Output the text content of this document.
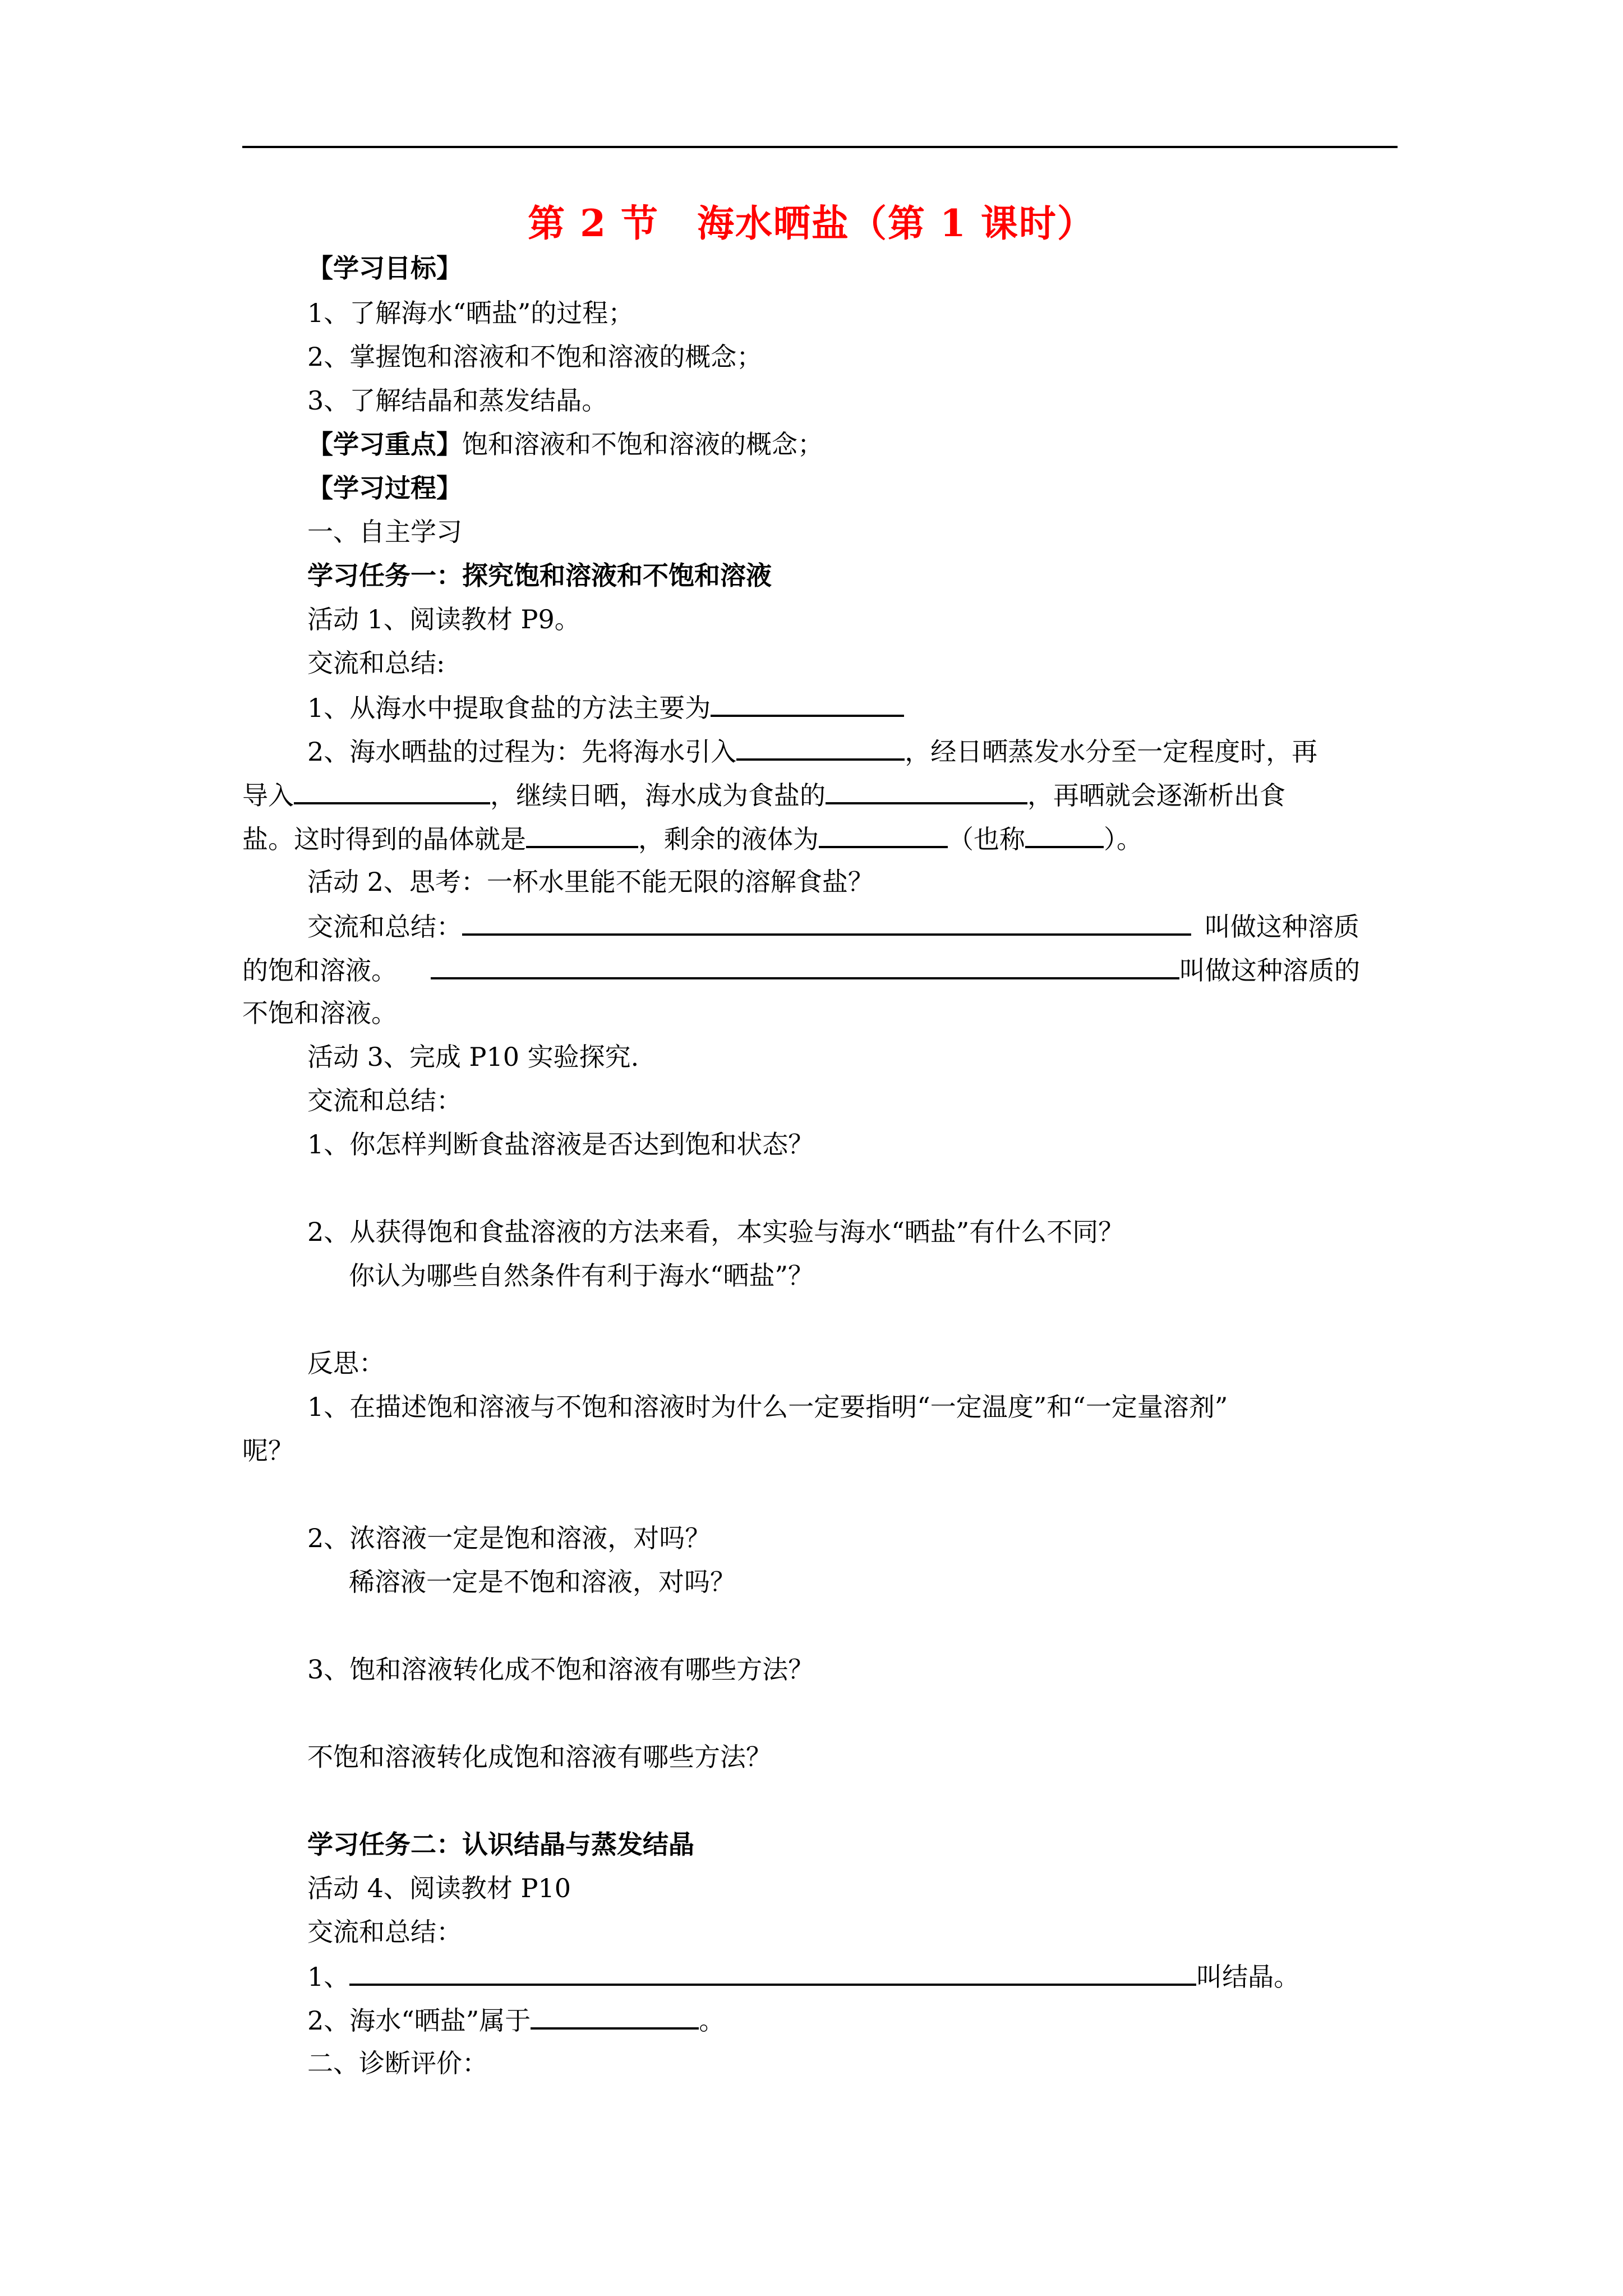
第 2 节　海水晒盐（第 1 课时）
【学习目标】
1、了解海水“晒盐”的过程；
2、掌握饱和溶液和不饱和溶液的概念；
3、了解结晶和蒸发结晶。
【学习重点】饱和溶液和不饱和溶液的概念；
【学习过程】
一、自主学习
学习任务一：探究饱和溶液和不饱和溶液
活动 1、阅读教材 P9。
交流和总结:
1、从海水中提取食盐的方法主要为
2、海水晒盐的过程为：先将海水引入	，经日晒蒸发水分至一定程度时，再
导入	，继续日晒，海水成为食盐的	，再晒就会逐渐析出食
盐。这时得到的晶体就是	，剩余的液体为	（也称	）。
活动 2、思考：一杯水里能不能无限的溶解食盐？
交流和总结：	叫做这种溶质
的饱和溶液。	叫做这种溶质的
不饱和溶液。
活动 3、完成 P10 实验探究.
交流和总结：
1、你怎样判断食盐溶液是否达到饱和状态？
2、从获得饱和食盐溶液的方法来看，本实验与海水“晒盐”有什么不同？
你认为哪些自然条件有利于海水“晒盐”？
反思：
1、在描述饱和溶液与不饱和溶液时为什么一定要指明“一定温度”和“一定量溶剂”
呢？
2、浓溶液一定是饱和溶液，对吗？
稀溶液一定是不饱和溶液，对吗？
3、饱和溶液转化成不饱和溶液有哪些方法？
不饱和溶液转化成饱和溶液有哪些方法？
学习任务二：认识结晶与蒸发结晶
活动 4、阅读教材 P10
交流和总结：
1、	叫结晶。
2、海水“晒盐”属于	。
二、诊断评价：
